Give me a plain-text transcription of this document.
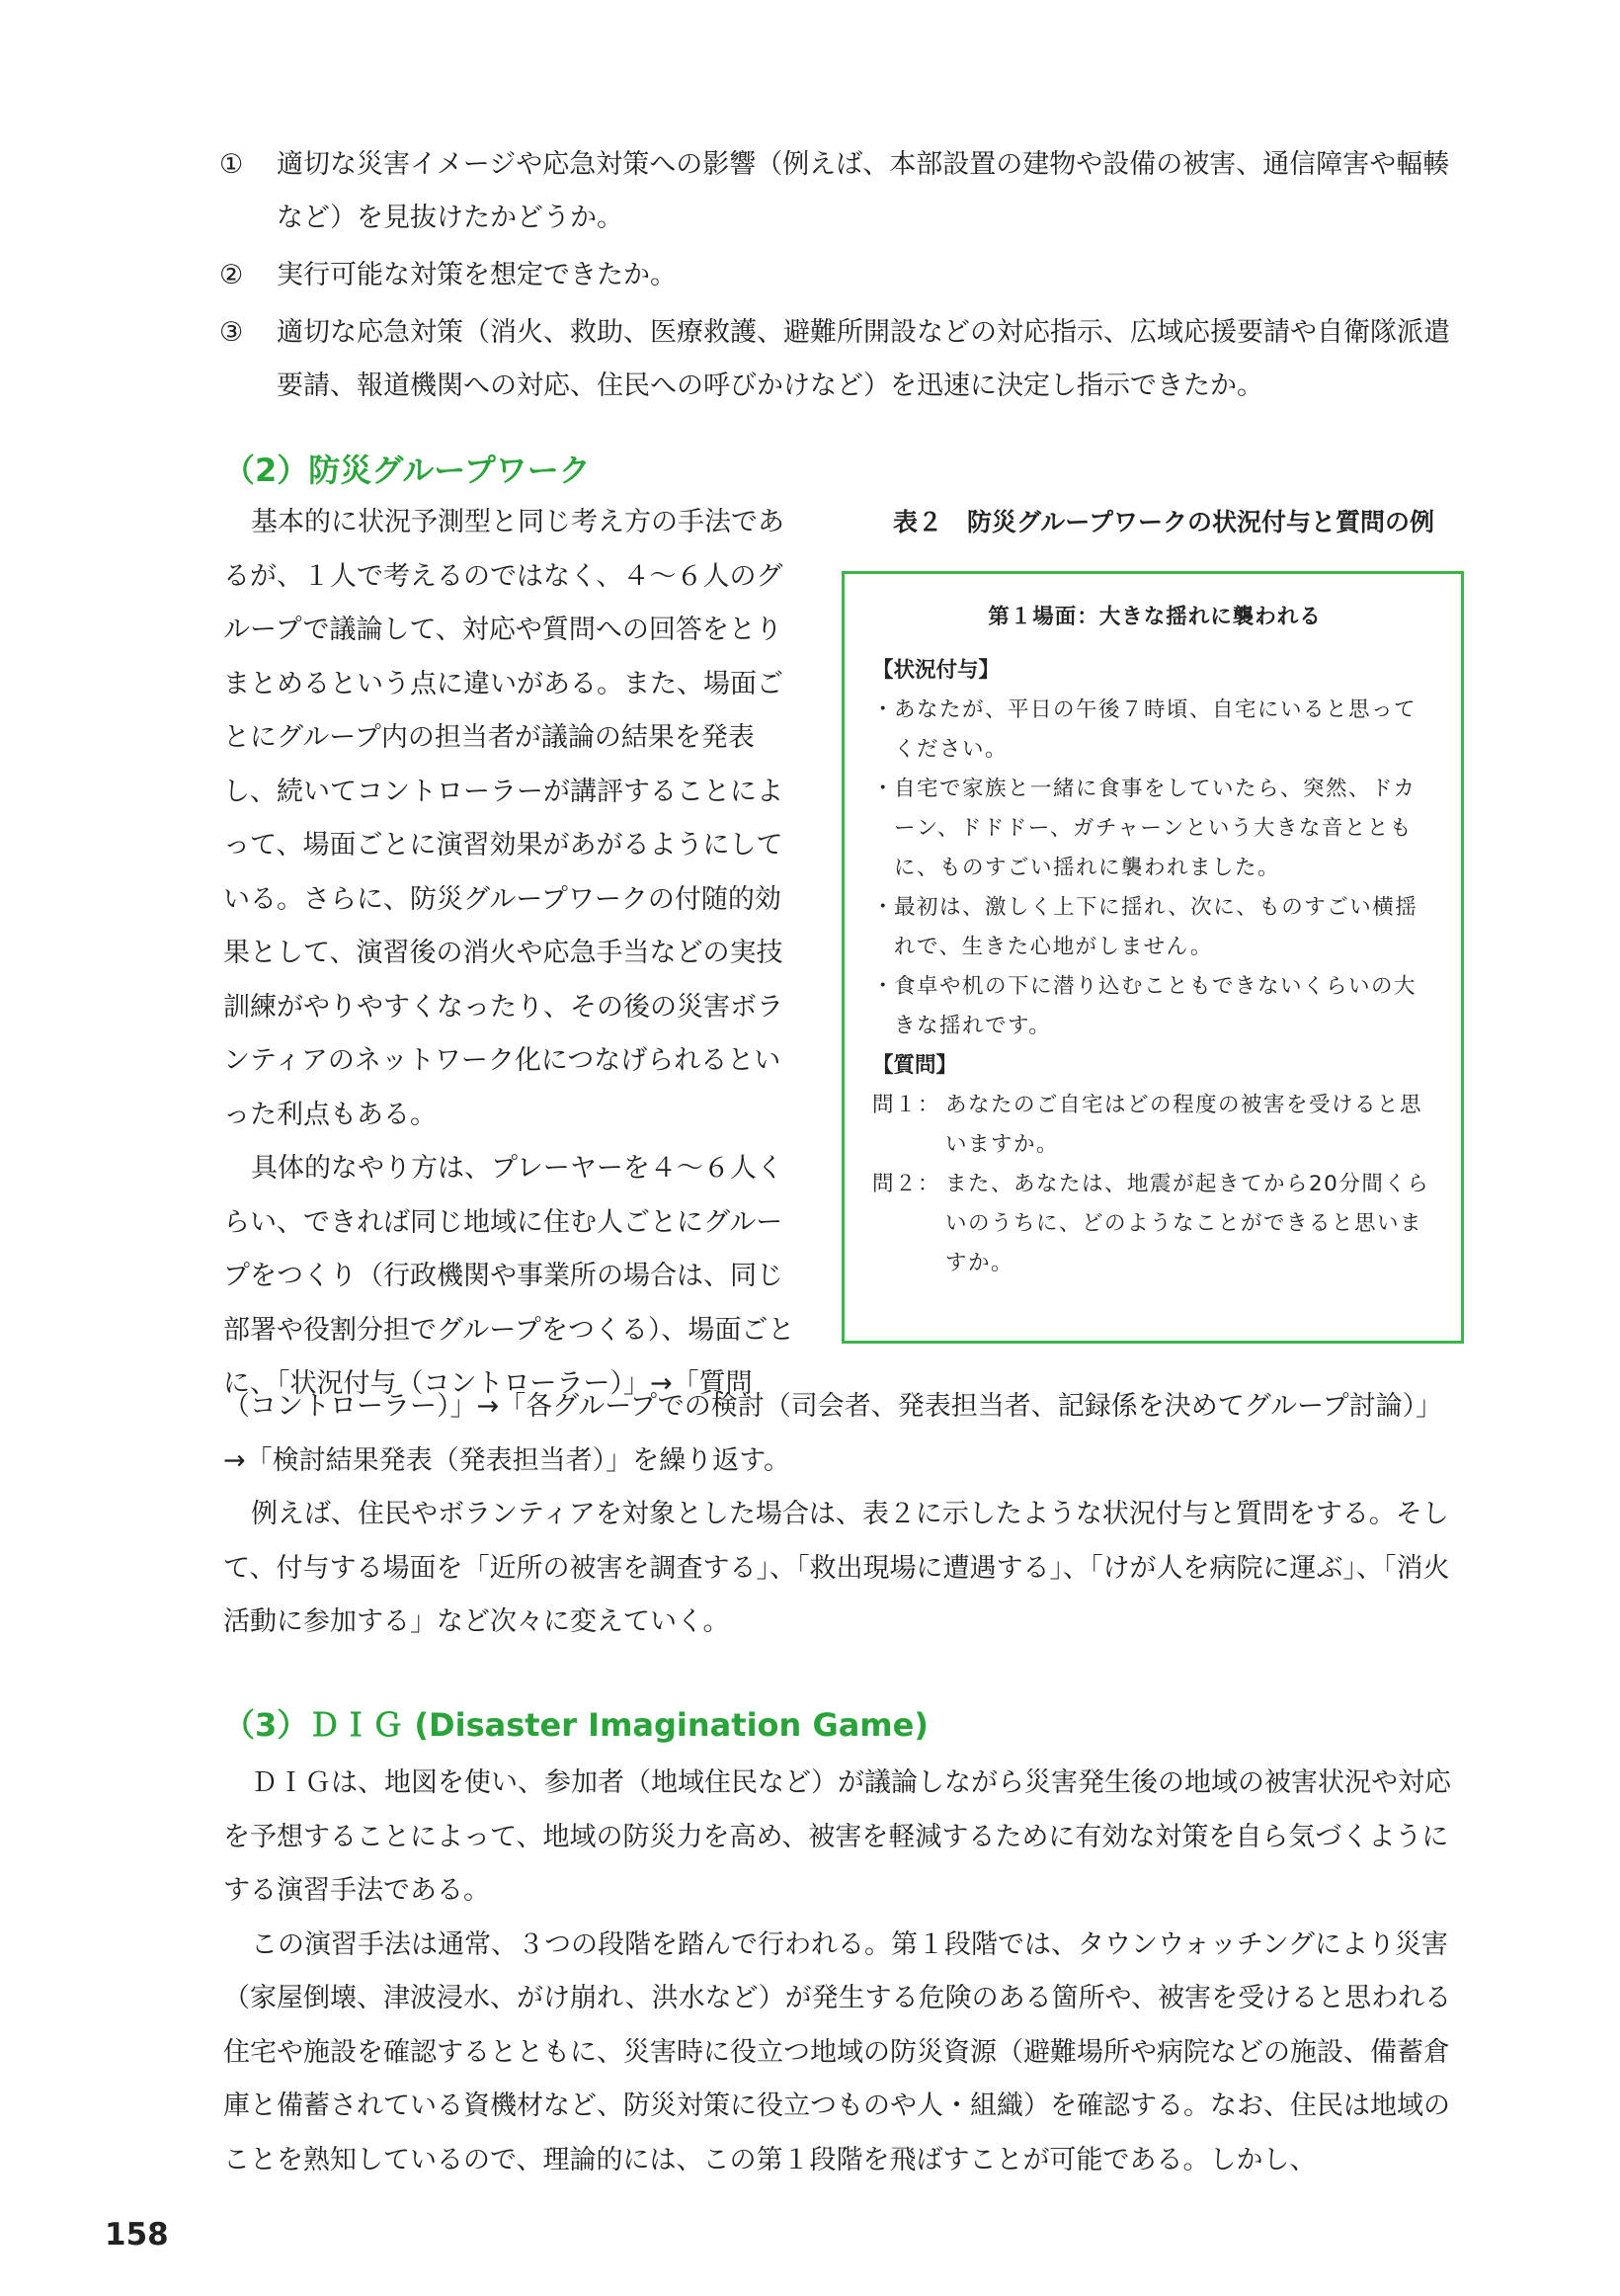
①	適切な災害イメージや応急対策への影響（例えば、本部設置の建物や設備の被害、通信障害や輻輳など）を見抜けたかどうか。
②	実行可能な対策を想定できたか。
③	適切な応急対策（消火、救助、医療救護、避難所開設などの対応指示、広域応援要請や自衛隊派遣要請、報道機関への対応、住民への呼びかけなど）を迅速に決定し指示できたか。
（2）防災グループワーク

基本的に状況予測型と同じ考え方の手法であるが、１人で考えるのではなく、４～６人のグループで議論して、対応や質問への回答をとりまとめるという点に違いがある。また、場面ごとにグループ内の担当者が議論の結果を発表し、続いてコントローラーが講評することによって、場面ごとに演習効果があがるようにしている。さらに、防災グループワークの付随的効果として、演習後の消火や応急手当などの実技訓練がやりやすくなったり、その後の災害ボランティアのネットワーク化につなげられるといった利点もある。

具体的なやり方は、プレーヤーを４～６人くらい、できれば同じ地域に住む人ごとにグループをつくり（行政機関や事業所の場合は、同じ部署や役割分担でグループをつくる）、場面ごとに、「状況付与（コントローラー）」→「質問

表２　防災グループワークの状況付与と質問の例
第１場面：大きな揺れに襲われる
【状況付与】
・
あなたが、平日の午後７時頃、自宅にいると思ってください。
・
自宅で家族と一緒に食事をしていたら、突然、ドカーン、ドドドー、ガチャーンという大きな音とともに、ものすごい揺れに襲われました。
・
最初は、激しく上下に揺れ、次に、ものすごい横揺れで、生きた心地がしません。
・
食卓や机の下に潜り込むこともできないくらいの大きな揺れです。
【質問】
問１： あなたのご自宅はどの程度の被害を受けると思いますか。
問２： また、あなたは、地震が起きてから20分間くらいのうちに、どのようなことができると思いますか。

（コントローラー）」→「各グループでの検討（司会者、発表担当者、記録係を決めてグループ討論）」→「検討結果発表（発表担当者）」を繰り返す。

例えば、住民やボランティアを対象とした場合は、表２に示したような状況付与と質問をする。そして、付与する場面を「近所の被害を調査する」、「救出現場に遭遇する」、「けが人を病院に運ぶ」、「消火活動に参加する」など次々に変えていく。

（3）ＤＩＧ (Disaster Imagination Game)

ＤＩＧは、地図を使い、参加者（地域住民など）が議論しながら災害発生後の地域の被害状況や対応を予想することによって、地域の防災力を高め、被害を軽減するために有効な対策を自ら気づくようにする演習手法である。

この演習手法は通常、３つの段階を踏んで行われる。第１段階では、タウンウォッチングにより災害（家屋倒壊、津波浸水、がけ崩れ、洪水など）が発生する危険のある箇所や、被害を受けると思われる住宅や施設を確認するとともに、災害時に役立つ地域の防災資源（避難場所や病院などの施設、備蓄倉庫と備蓄されている資機材など、防災対策に役立つものや人・組織）を確認する。なお、住民は地域のことを熟知しているので、理論的には、この第１段階を飛ばすことが可能である。しかし、

158
